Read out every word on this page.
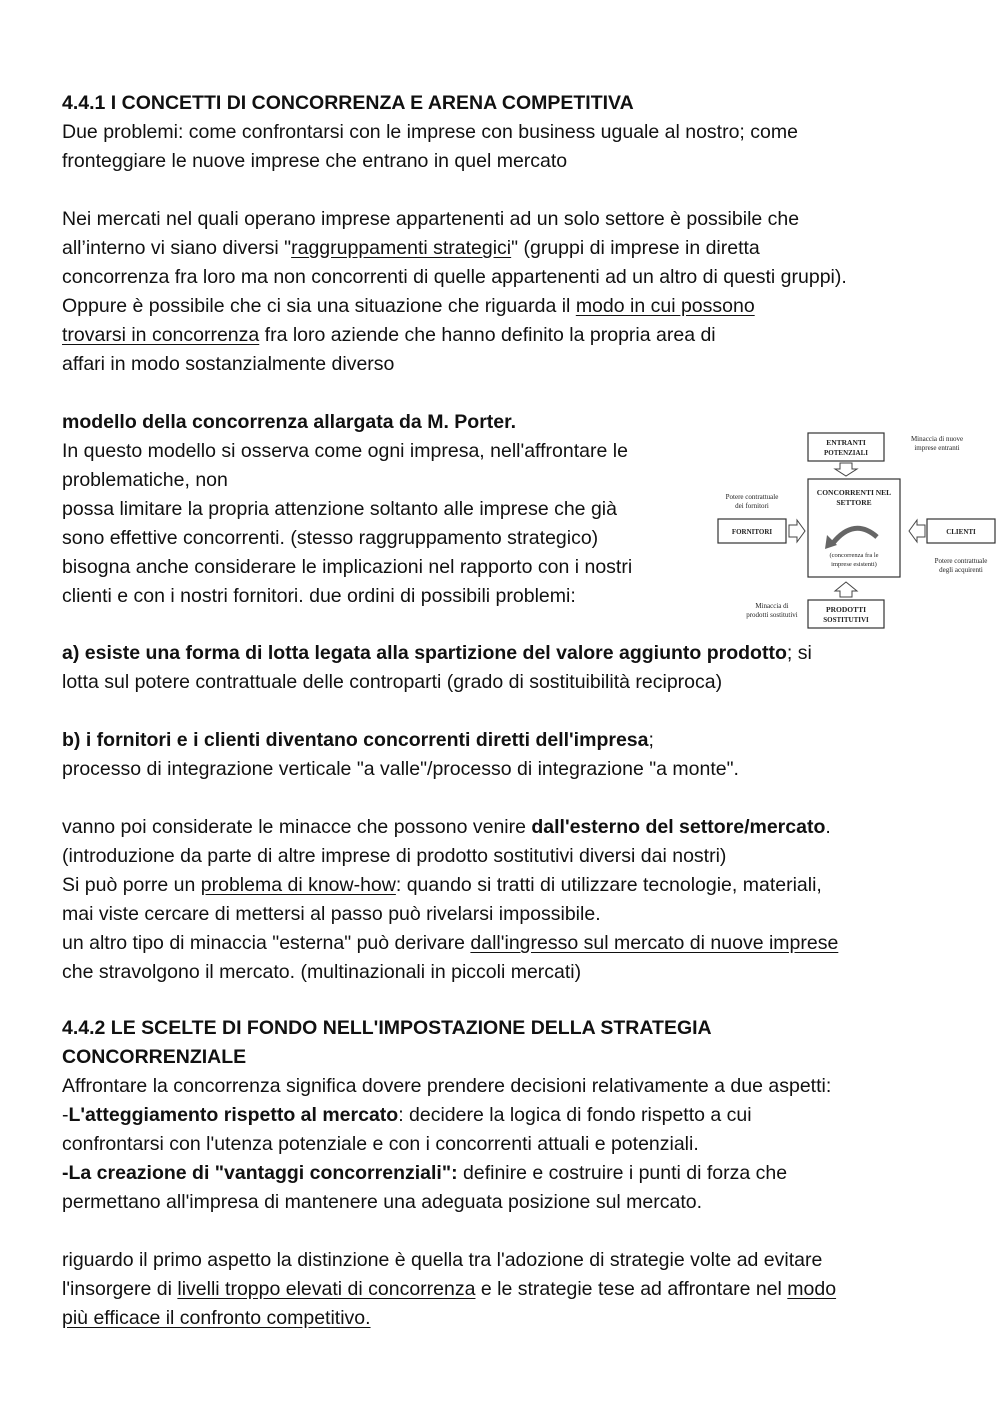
4.4.1 I CONCETTI DI CONCORRENZA E ARENA COMPETITIVA
Due problemi: come confrontarsi con le imprese con business uguale al nostro; come
fronteggiare le nuove imprese che entrano in quel mercato
Nei mercati nel quali operano imprese appartenenti ad un solo settore è possibile che
all’interno vi siano diversi "raggruppamenti strategici" (gruppi di imprese in diretta
concorrenza fra loro ma non concorrenti di quelle appartenenti ad un altro di questi gruppi).
Oppure è possibile che ci sia una situazione che riguarda il modo in cui possono
trovarsi in concorrenza fra loro aziende che hanno definito la propria area di
affari in modo sostanzialmente diverso
modello della concorrenza allargata da M. Porter.
In questo modello si osserva come ogni impresa, nell'affrontare le
problematiche, non
possa limitare la propria attenzione soltanto alle imprese che già
sono effettive concorrenti. (stesso raggruppamento strategico)
bisogna anche considerare le implicazioni nel rapporto con i nostri
clienti e con i nostri fornitori. due ordini di possibili problemi:
ENTRANTI
POTENZIALI
Minaccia di nuove
imprese entranti
CONCORRENTI NEL
SETTORE
(concorrenza fra le
imprese esistenti)
Potere contrattuale
dei fornitori
FORNITORI	CLIENTI
Potere contrattuale
degli acquirenti
Minaccia di
prodotti sostitutivi
PRODOTTI
SOSTITUTIVI
a) esiste una forma di lotta legata alla spartizione del valore aggiunto prodotto; si
lotta sul potere contrattuale delle controparti (grado di sostituibilità reciproca)
b) i fornitori e i clienti diventano concorrenti diretti dell'impresa;
processo di integrazione verticale "a valle"/processo di integrazione "a monte".
vanno poi considerate le minacce che possono venire dall'esterno del settore/mercato.
(introduzione da parte di altre imprese di prodotto sostitutivi diversi dai nostri)
Si può porre un problema di know-how: quando si tratti di utilizzare tecnologie, materiali,
mai viste cercare di mettersi al passo può rivelarsi impossibile.
un altro tipo di minaccia "esterna" può derivare dall'ingresso sul mercato di nuove imprese
che stravolgono il mercato. (multinazionali in piccoli mercati)
4.4.2 LE SCELTE DI FONDO NELL'IMPOSTAZIONE DELLA STRATEGIA
CONCORRENZIALE
Affrontare la concorrenza significa dovere prendere decisioni relativamente a due aspetti:
-L'atteggiamento rispetto al mercato: decidere la logica di fondo rispetto a cui
confrontarsi con l'utenza potenziale e con i concorrenti attuali e potenziali.
-La creazione di "vantaggi concorrenziali": definire e costruire i punti di forza che
permettano all'impresa di mantenere una adeguata posizione sul mercato.
riguardo il primo aspetto la distinzione è quella tra l'adozione di strategie volte ad evitare
l'insorgere di livelli troppo elevati di concorrenza e le strategie tese ad affrontare nel modo
più efficace il confronto competitivo.
